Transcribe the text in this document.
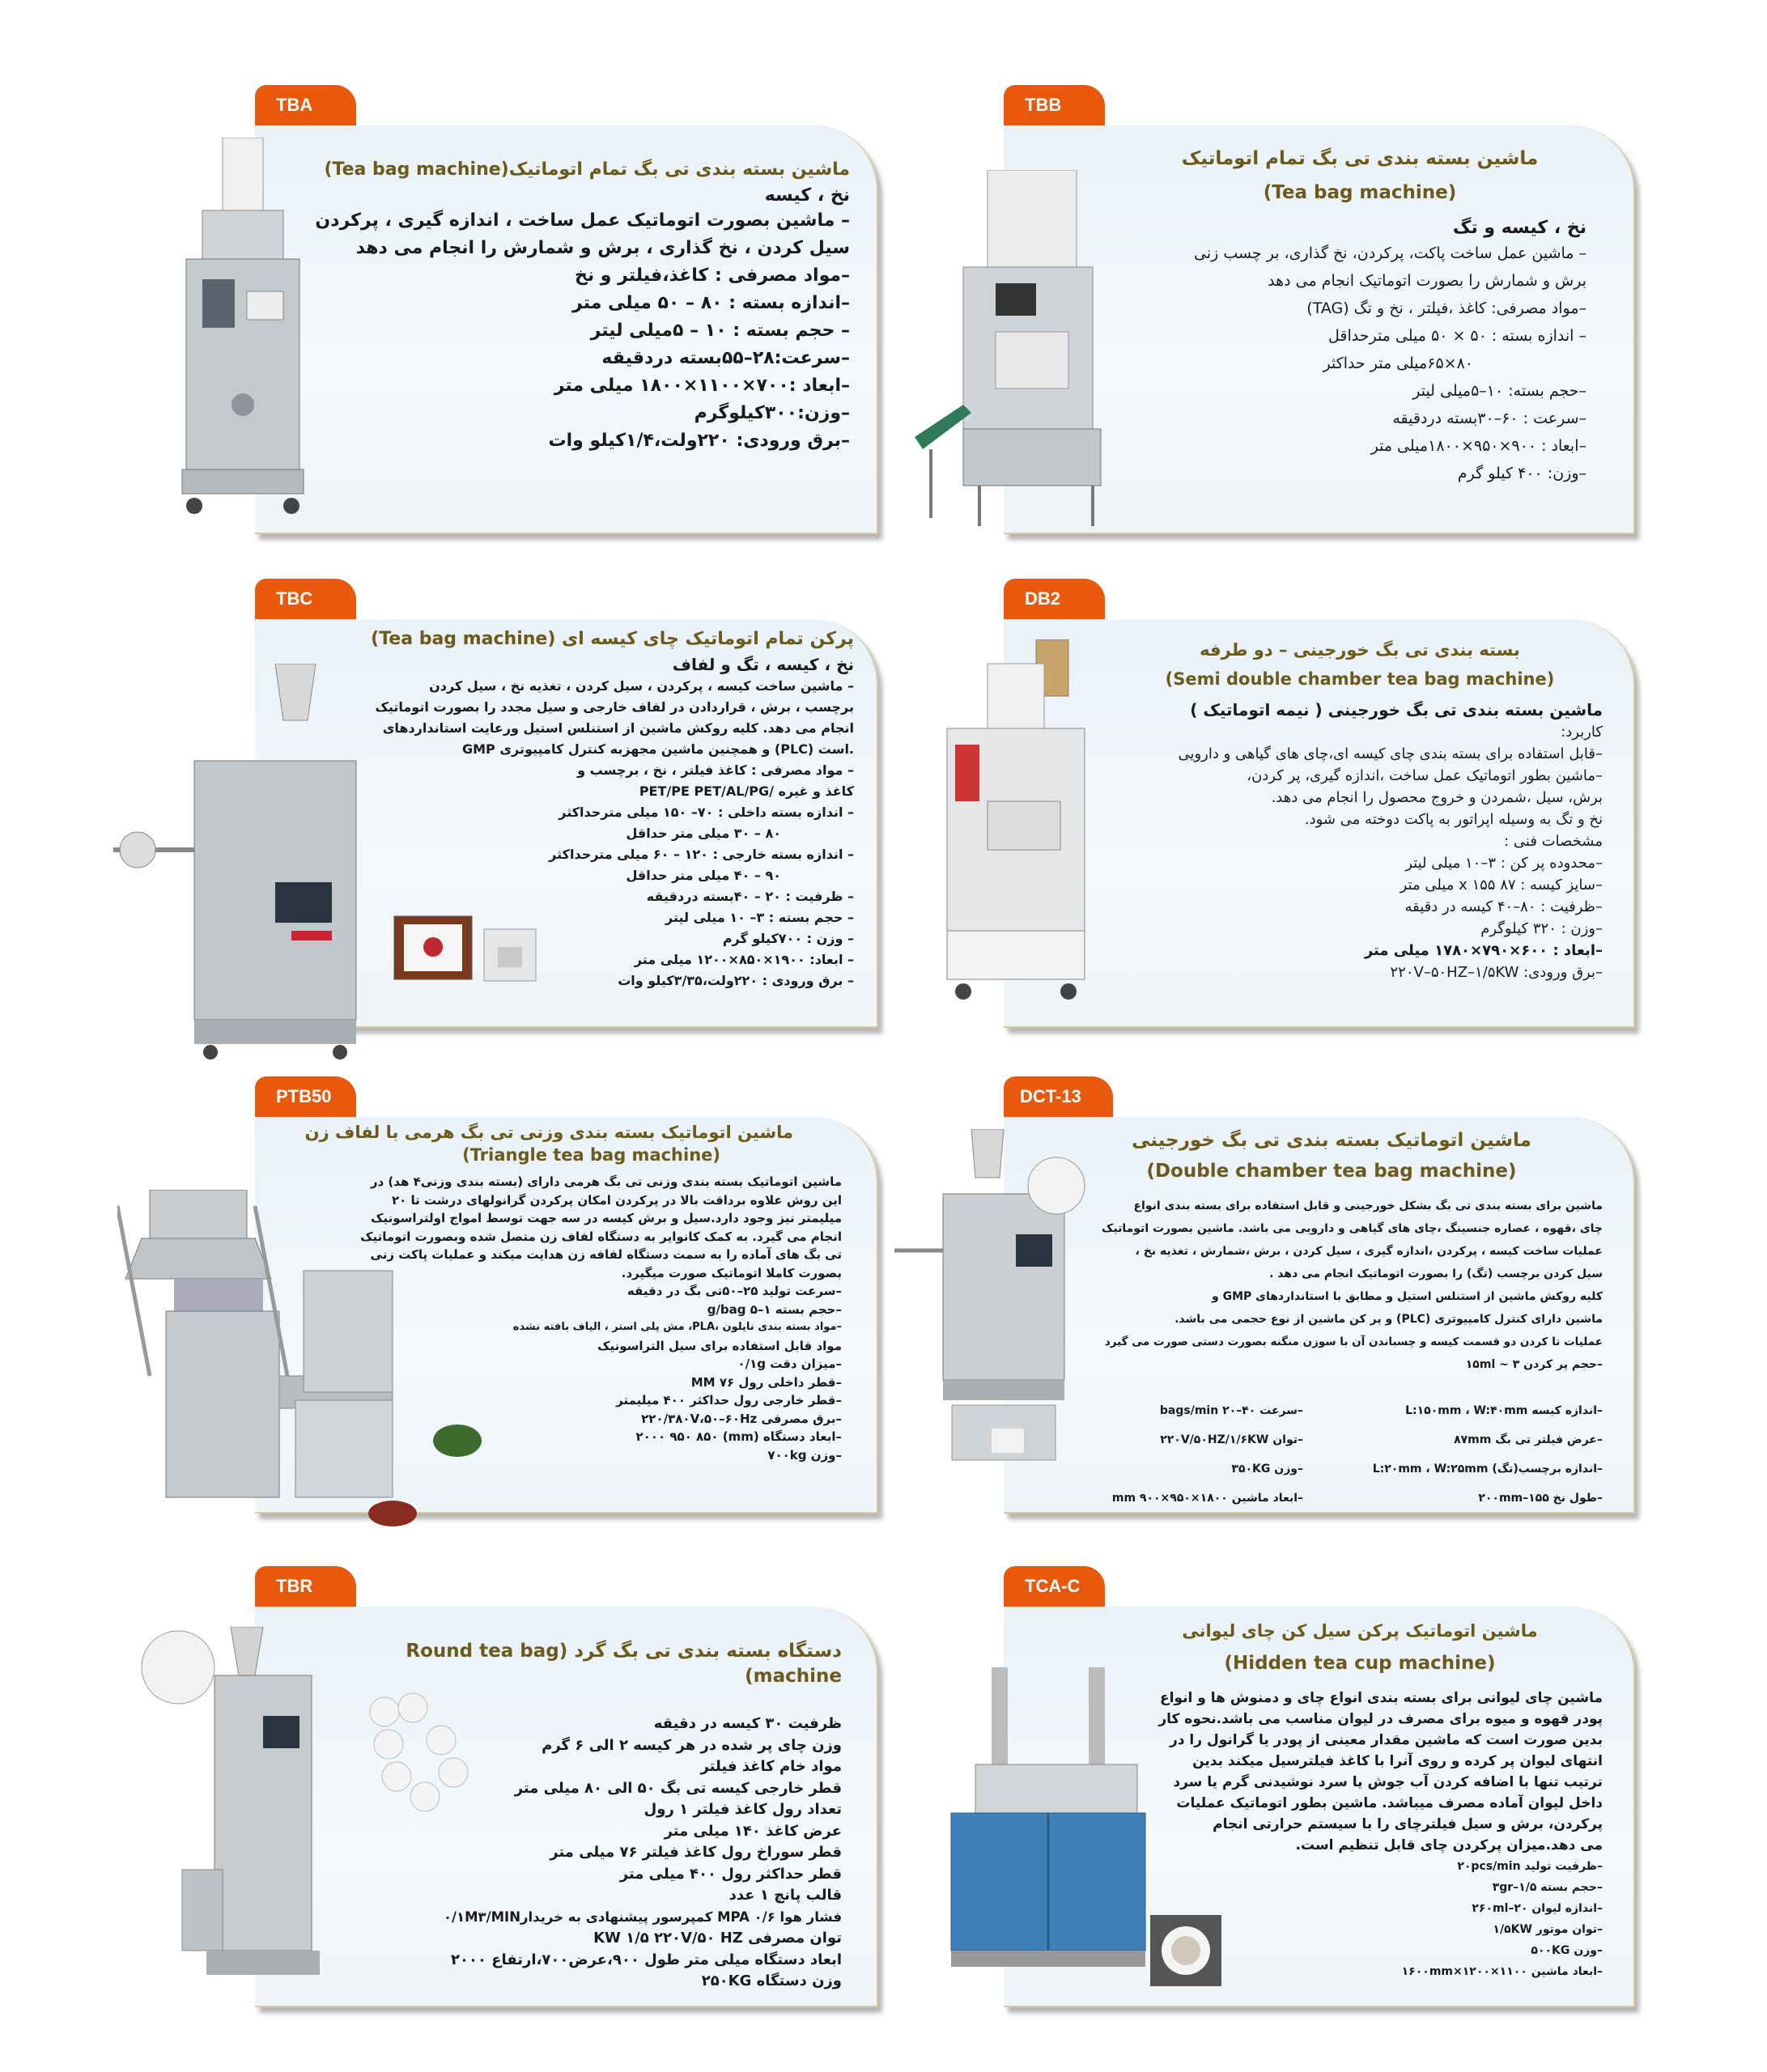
TBA
ماشین بسته بندی تی بگ تمام اتوماتیک(Tea bag machine)
نخ ، کیسه
– ماشین بصورت اتوماتیک عمل ساخت ، اندازه گیری ، پرکردن
سیل کردن ، نخ گذاری ، برش و شمارش را انجام می دهد
–مواد مصرفی : کاغذ،فیلتر و نخ
–اندازه بسته : ۸۰ – ۵۰ میلی متر
– حجم بسته : ۱۰ – ۵میلی لیتر
–سرعت:۲۸–۵۵بسته دردقیقه
–ابعاد :۷۰۰×۱۱۰۰×۱۸۰۰ میلی متر
–وزن:۳۰۰کیلوگرم
–برق ورودی: ۲۲۰ولت،۱/۴کیلو وات
TBB
ماشین بسته بندی تی بگ تمام اتوماتیک
(Tea bag machine)
نخ ، کیسه و تگ
– ماشین عمل ساخت پاکت، پرکردن، نخ گذاری، بر چسب زنی
برش و شمارش را بصورت اتوماتیک انجام می دهد
–مواد مصرفی: کاغذ ،فیلتر ، نخ و تگ (TAG)
– اندازه بسته : ۵۰ × ۵۰ میلی مترحداقل
۸۰×۶۵میلی متر حداکثر
–حجم بسته: ۱۰–۵میلی لیتر
–سرعت : ۶۰–۳۰بسته دردقیقه
–ابعاد : ۹۰۰×۹۵۰×۱۸۰۰میلی متر
–وزن: ۴۰۰ کیلو گرم
TBC
پرکن تمام اتوماتیک چای کیسه ای (Tea bag machine)
نخ ، کیسه ، تگ و لفاف
– ماشین ساخت کیسه ، پرکردن ، سیل کردن ، تغذیه نخ ، سیل کردن
برچسب ، برش ، قراردادن در لفاف خارجی و سیل مجدد را بصورت اتوماتیک
انجام می دهد. کلیه روکش ماشین از استنلس استیل ورعایت استانداردهای
GMP و همچنین ماشین مجهزبه کنترل کامپیوتری (PLC) است.
– مواد مصرفی : کاغذ فیلتر ، نخ ، برچسب و
PET/PE PET/AL/PG/ کاغذ و غیره
– اندازه بسته داخلی : ۷۰– ۱۵۰ میلی مترحداکثر
۸۰ – ۳۰ میلی متر حداقل
– اندازه بسته خارجی : ۱۲۰ – ۶۰ میلی مترحداکثر
۹۰ – ۴۰ میلی متر حداقل
– ظرفیت : ۲۰ – ۴۰بسته دردقیقه
– حجم بسته : ۳– ۱۰ میلی لیتر
– وزن : ۷۰۰کیلو گرم
– ابعاد: ۱۹۰۰×۸۵۰×۱۲۰۰ میلی متر
– برق ورودی : ۲۲۰ولت،۳/۳۵کیلو وات
DB2
بسته بندی تی بگ خورجینی – دو طرفه
(Semi double chamber tea bag machine)
ماشین بسته بندی تی بگ خورجینی ( نیمه اتوماتیک )
کاربرد:
–قابل استفاده برای بسته بندی چای کیسه ای،چای های گیاهی و دارویی
–ماشین بطور اتوماتیک عمل ساخت ،اندازه گیری، پر کردن،
برش، سیل ،شمردن و خروج محصول را انجام می دهد.
نخ و تگ به وسیله اپراتور به پاکت دوخته می شود.
مشخصات فنی :
–محدوده پر کن : ۳–۱۰ میلی لیتر
–سایز کیسه : ۸۷ x ۱۵۵ میلی متر
–ظرفیت : ۸۰–۴۰ کیسه در دقیقه
–وزن : ۳۲۰ کیلوگرم
–ابعاد : ۶۰۰×۷۹۰×۱۷۸۰ میلی متر
–برق ورودی: ۲۲۰V–۵۰HZ–۱/۵KW
PTB50
ماشین اتوماتیک بسته بندی وزنی تی بگ هرمی با لفاف زن
(Triangle tea bag machine)
ماشین اتوماتیک بسته بندی وزنی تی بگ هرمی دارای (بسته بندی وزنی۴ هد) در
این روش علاوه برداقت بالا در پرکردن امکان پرکردن گرانولهای درشت تا ۲۰
میلیمتر نیز وجود دارد.سیل و برش کیسه در سه جهت توسط امواج اولتراسونیک
انجام می گیرد. به کمک کانوایر به دستگاه لفاف زن متصل شده وبصورت اتوماتیک
تی بگ های آماده را به سمت دستگاه لفافه زن هدایت میکند و عملیات پاکت زنی
بصورت کاملا اتوماتیک صورت میگیرد.
–سرعت تولید ۲۵–۵۰تی بگ در دقیقه
–حجم بسته g/bag ۵–۱
–مواد بسته بندی نایلون ،PLA، مش پلی استر ، الیاف بافته نشده
مواد قابل استفاده برای سیل التراسونیک
–میزان دقت ۰/۱g
–قطر داخلی رول MM ۷۶
–قطر خارجی رول حداکثر ۴۰۰ میلیمتر
–برق مصرفی ۲۲۰/۳۸۰V،۵۰–۶۰Hz
–ابعاد دستگاه (mm) ۲۰۰۰ ۹۵۰ ۸۵۰
–وزن ۷۰۰kg
DCT-13
ماشین اتوماتیک بسته بندی تی بگ خورجینی
(Double chamber tea bag machine)
ماشین برای بسته بندی تی بگ بشکل خورجینی و قابل استفاده برای بسته بندی انواع
چای ،قهوه ، عصاره جنسینگ ،چای های گیاهی و دارویی می باشد. ماشین بصورت اتوماتیک
عملیات ساخت کیسه ، پرکردن ،اندازه گیری ، سیل کردن ، برش ،شمارش ، تغذیه نخ ،
سیل کردن برچسب (تگ) را بصورت اتوماتیک انجام می دهد .
کلیه روکش ماشین از استنلس استیل و مطابق با استانداردهای GMP و
ماشین دارای کنترل کامپیوتری (PLC) و پر کن ماشین از نوع حجمی می باشد.
عملیات تا کردن دو قسمت کیسه و چسباندن آن با سوزن منگنه بصورت دستی صورت می گیرد
–حجم پر کردن ۱۵ml ~ ۳
–اندازه کیسه L:۱۵۰mm ، W:۴۰mm
–عرض فیلتر تی بگ ۸۷mm
–اندازه برچسب(تگ) L:۲۰mm ، W:۲۵mm
–طول نخ ۱۵۵–۲۰۰mm
–سرعت ۴۰–۲۰ bags/min
–توان ۲۲۰V/۵۰HZ/۱/۶KW
–وزن ۳۵۰KG
–ابعاد ماشین mm ۹۰۰×۹۵۰×۱۸۰۰
TBR
دستگاه بسته بندی تی بگ گرد (Round tea bag machine)
ظرفیت ۳۰ کیسه در دقیقه
وزن چای پر شده در هر کیسه ۲ الی ۶ گرم
مواد خام کاغذ فیلتر
قطر خارجی کیسه تی بگ ۵۰ الی ۸۰ میلی متر
تعداد رول کاغذ فیلتر ۱ رول
عرض کاغذ ۱۴۰ میلی متر
قطر سوراخ رول کاغذ فیلتر ۷۶ میلی متر
قطر حداکثر رول ۴۰۰ میلی متر
قالب پانچ ۱ عدد
فشار هوا MPA ۰/۶ کمپرسور پیشنهادی به خریدار۰/۱M۳/MIN
توان مصرفی KW ۱/۵ ۲۲۰V/۵۰ HZ
ابعاد دستگاه میلی متر طول ۹۰۰،عرض۷۰۰،ارتفاع ۲۰۰۰
وزن دستگاه ۲۵۰KG
TCA-C
ماشین اتوماتیک پرکن سیل کن چای لیوانی
(Hidden tea cup machine)
ماشین چای لیوانی برای بسته بندی انواع چای و دمنوش ها و انواع
پودر قهوه و میوه برای مصرف در لیوان مناسب می باشد.نحوه کار
بدین صورت است که ماشین مقدار معینی از پودر یا گرانول را در
انتهای لیوان پر کرده و روی آنرا با کاغذ فیلترسیل میکند بدین
ترتیب تنها با اضافه کردن آب جوش یا سرد نوشیدنی گرم یا سرد
داخل لیوان آماده مصرف میباشد. ماشین بطور اتوماتیک عملیات
پرکردن، برش و سیل فیلترچای را با سیستم حرارتی انجام
می دهد.میزان پرکردن چای قابل تنظیم است.
–ظرفیت تولید ۲۰pcs/min
–حجم بسته ۱/۵–۳gr
–اندازه لیوان ۲۰–۲۶۰ml
–توان موتور ۱/۵KW
–وزن ۵۰۰KG
–ابعاد ماشین ۱۱۰۰×۱۲۰۰×۱۶۰۰mm
